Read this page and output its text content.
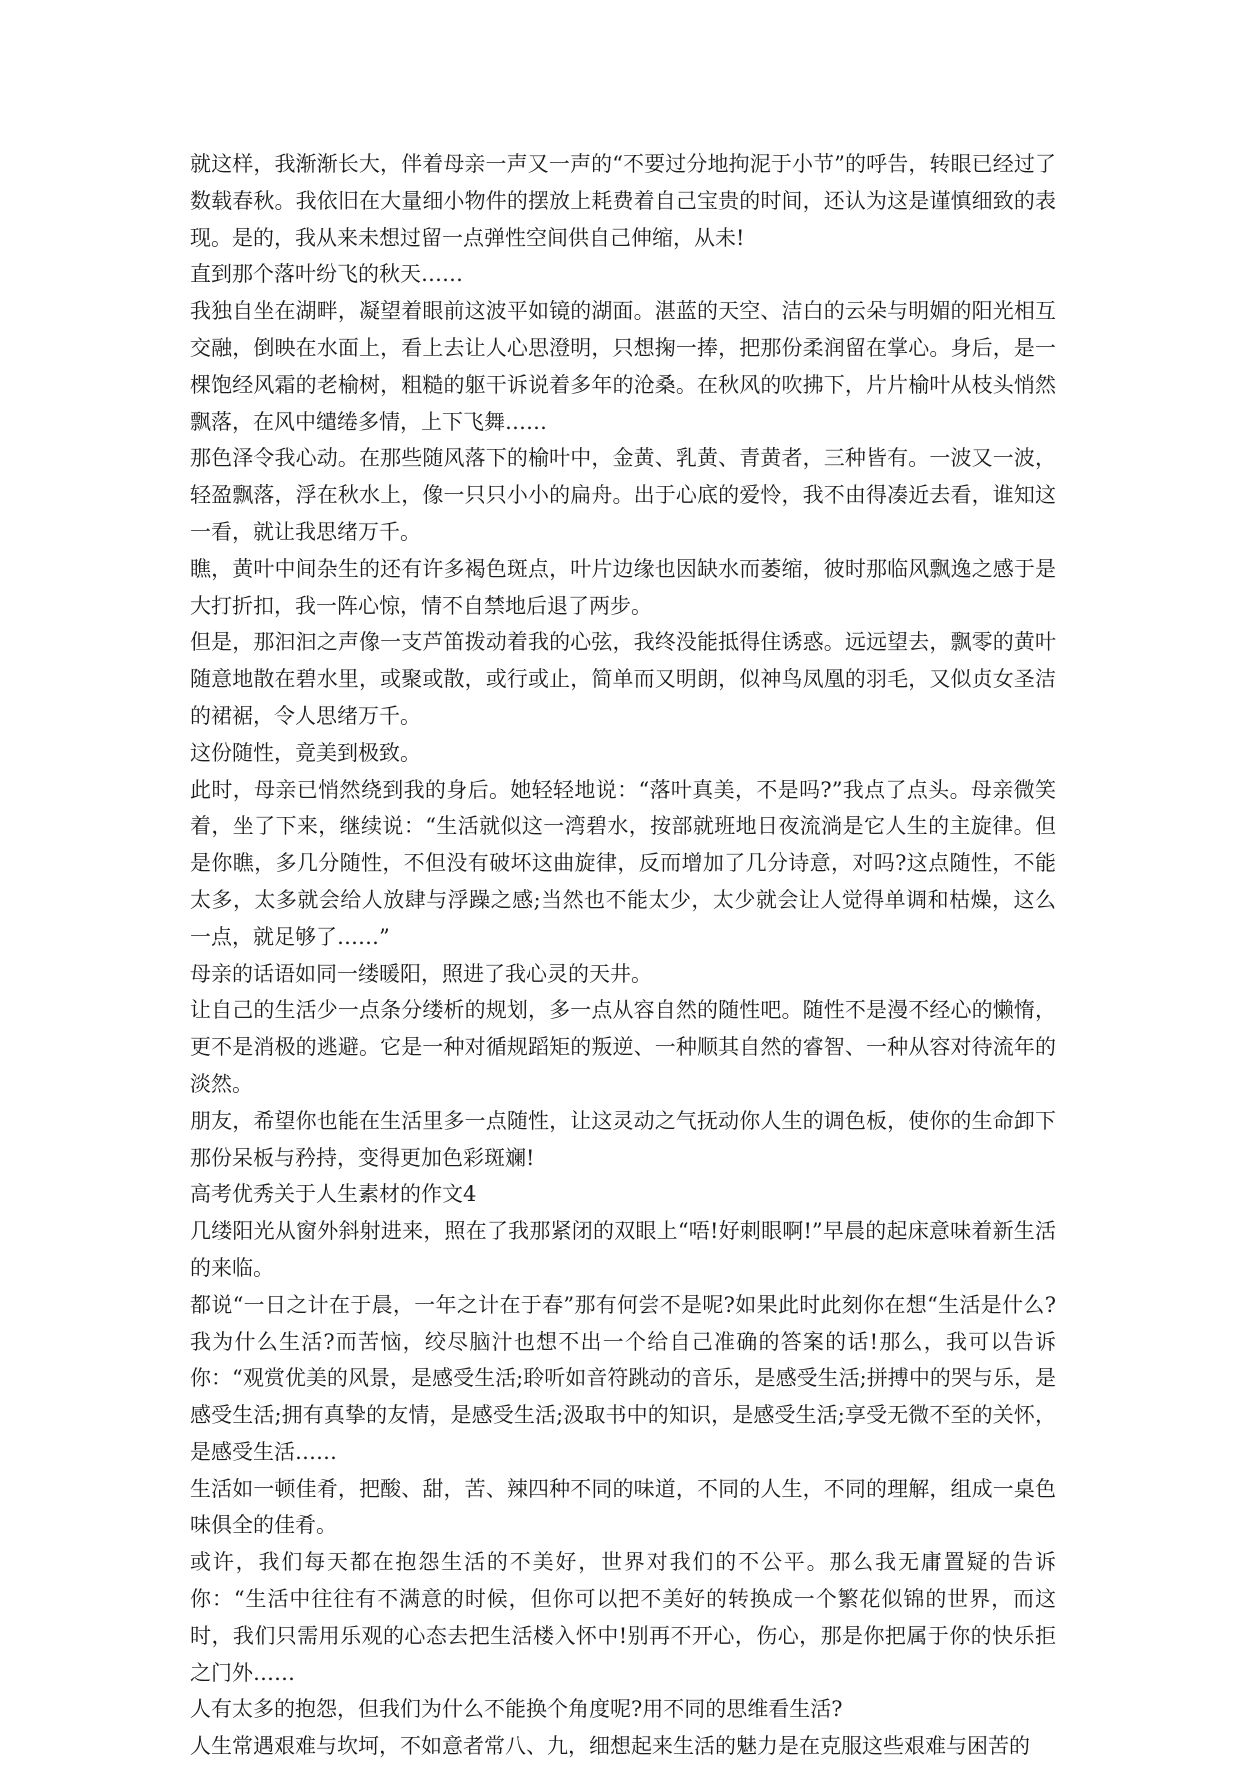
就这样，我渐渐长大，伴着母亲一声又一声的“不要过分地拘泥于小节”的呼告，转眼已经过了数载春秋。我依旧在大量细小物件的摆放上耗费着自己宝贵的时间，还认为这是谨慎细致的表现。是的，我从来未想过留一点弹性空间供自己伸缩，从未!

直到那个落叶纷飞的秋天……

我独自坐在湖畔，凝望着眼前这波平如镜的湖面。湛蓝的天空、洁白的云朵与明媚的阳光相互交融，倒映在水面上，看上去让人心思澄明，只想掬一捧，把那份柔润留在掌心。身后，是一棵饱经风霜的老榆树，粗糙的躯干诉说着多年的沧桑。在秋风的吹拂下，片片榆叶从枝头悄然飘落，在风中缱绻多情，上下飞舞……

那色泽令我心动。在那些随风落下的榆叶中，金黄、乳黄、青黄者，三种皆有。一波又一波，轻盈飘落，浮在秋水上，像一只只小小的扁舟。出于心底的爱怜，我不由得凑近去看，谁知这一看，就让我思绪万千。

瞧，黄叶中间杂生的还有许多褐色斑点，叶片边缘也因缺水而萎缩，彼时那临风飘逸之感于是大打折扣，我一阵心惊，情不自禁地后退了两步。

但是，那汩汩之声像一支芦笛拨动着我的心弦，我终没能抵得住诱惑。远远望去，飘零的黄叶随意地散在碧水里，或聚或散，或行或止，简单而又明朗，似神鸟凤凰的羽毛，又似贞女圣洁的裙裾，令人思绪万千。

这份随性，竟美到极致。

此时，母亲已悄然绕到我的身后。她轻轻地说：“落叶真美，不是吗?”我点了点头。母亲微笑着，坐了下来，继续说：“生活就似这一湾碧水，按部就班地日夜流淌是它人生的主旋律。但是你瞧，多几分随性，不但没有破坏这曲旋律，反而增加了几分诗意，对吗?这点随性，不能太多，太多就会给人放肆与浮躁之感;当然也不能太少，太少就会让人觉得单调和枯燥，这么一点，就足够了……”

母亲的话语如同一缕暖阳，照进了我心灵的天井。

让自己的生活少一点条分缕析的规划，多一点从容自然的随性吧。随性不是漫不经心的懒惰，更不是消极的逃避。它是一种对循规蹈矩的叛逆、一种顺其自然的睿智、一种从容对待流年的淡然。

朋友，希望你也能在生活里多一点随性，让这灵动之气抚动你人生的调色板，使你的生命卸下那份呆板与矜持，变得更加色彩斑斓!

高考优秀关于人生素材的作文4

几缕阳光从窗外斜射进来，照在了我那紧闭的双眼上“唔!好刺眼啊!”早晨的起床意味着新生活的来临。

都说“一日之计在于晨，一年之计在于春”那有何尝不是呢?如果此时此刻你在想“生活是什么?我为什么生活?而苦恼，绞尽脑汁也想不出一个给自己准确的答案的话!那么，我可以告诉你：“观赏优美的风景，是感受生活;聆听如音符跳动的音乐，是感受生活;拼搏中的哭与乐，是感受生活;拥有真挚的友情，是感受生活;汲取书中的知识，是感受生活;享受无微不至的关怀，是感受生活……

生活如一顿佳肴，把酸、甜，苦、辣四种不同的味道，不同的人生，不同的理解，组成一桌色味俱全的佳肴。

或许，我们每天都在抱怨生活的不美好，世界对我们的不公平。那么我无庸置疑的告诉你：“生活中往往有不满意的时候，但你可以把不美好的转换成一个繁花似锦的世界，而这时，我们只需用乐观的心态去把生活楼入怀中!别再不开心，伤心，那是你把属于你的快乐拒之门外……

人有太多的抱怨，但我们为什么不能换个角度呢?用不同的思维看生活?

人生常遇艰难与坎坷，不如意者常八、九，细想起来生活的魅力是在克服这些艰难与困苦的
